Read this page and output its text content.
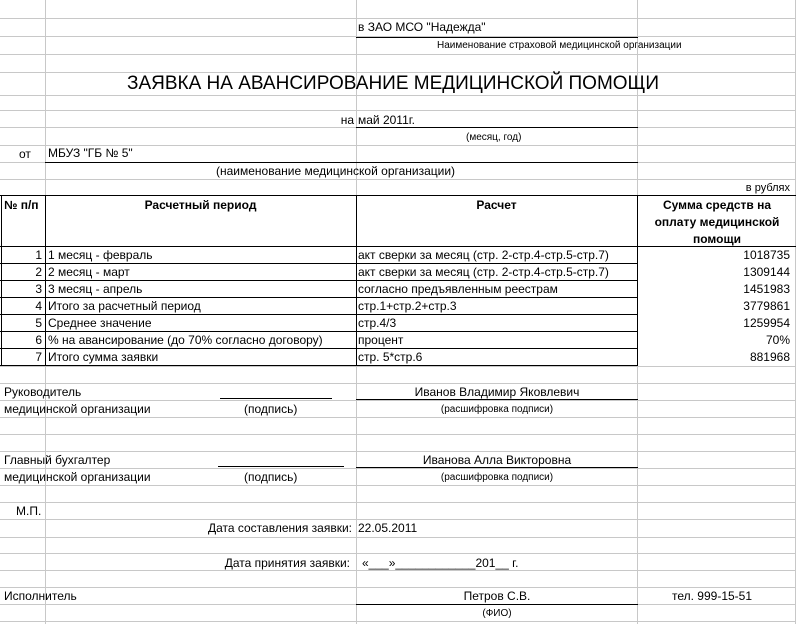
в ЗАО МСО "Надежда"
Наименование страховой медицинской организации
ЗАЯВКА НА АВАНСИРОВАНИЕ МЕДИЦИНСКОЙ ПОМОЩИ
на май 2011г.
(месяц, год)
от МБУЗ "ГБ № 5"
(наименование медицинской организации)
в рублях
№ п/п	Расчетный период	Расчет	Сумма средств на
оплату медицинской
помощи
1 1 месяц - февраль	акт сверки за месяц (стр. 2-стр.4-стр.5-стр.7)	1018735
2 2 месяц - март	акт сверки за месяц (стр. 2-стр.4-стр.5-стр.7)	1309144
3 3 месяц - апрель	согласно предъявленным реестрам	1451983
4 Итого за расчетный период	стр.1+стр.2+стр.3	3779861
5 Среднее значение	стр.4/3	1259954
6 % на авансирование (до 70% согласно договору)	процент	70%
7 Итого сумма заявки	стр. 5*стр.6	881968
Руководитель
медицинской организации	(подпись)
Иванов Владимир Яковлевич
(расшифровка подписи)
Главный бухгалтер
медицинской организации	(подпись)
Иванова Алла Викторовна
(расшифровка подписи)
М.П.
Дата составления заявки: 22.05.2011
Дата принятия заявки: «___»____________201__ г.
Исполнитель	Петров С.В.
(ФИО)
тел. 999-15-51
